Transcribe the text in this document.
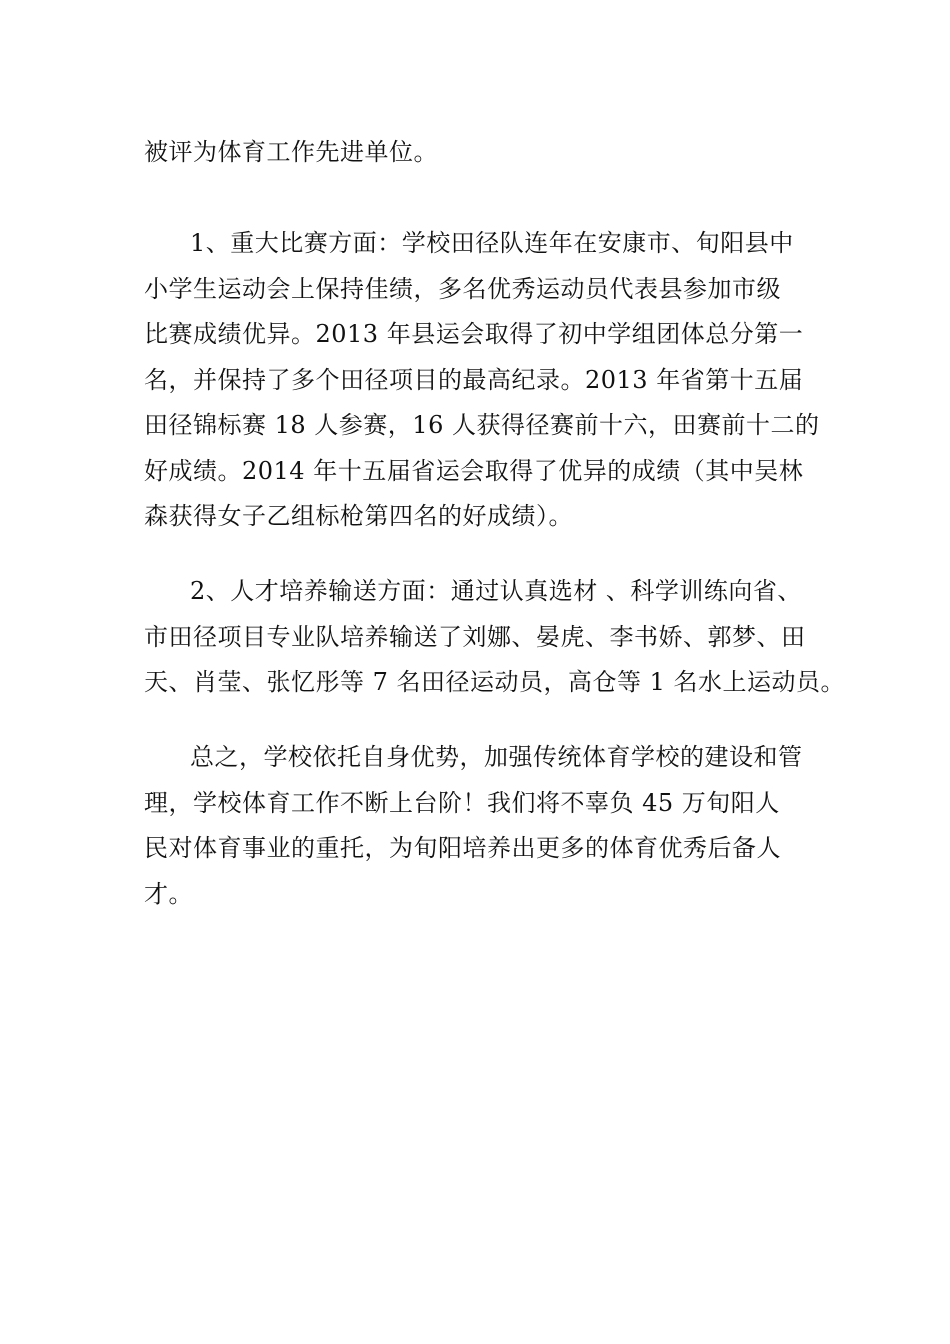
被评为体育工作先进单位。
1、重大比赛方面：学校田径队连年在安康市、旬阳县中
小学生运动会上保持佳绩，多名优秀运动员代表县参加市级
比赛成绩优异。2013 年县运会取得了初中学组团体总分第一
名，并保持了多个田径项目的最高纪录。2013 年省第十五届
田径锦标赛 18 人参赛，16 人获得径赛前十六，田赛前十二的
好成绩。2014 年十五届省运会取得了优异的成绩（其中吴林
森获得女子乙组标枪第四名的好成绩）。
2、人才培养输送方面：通过认真选材 、科学训练向省、
市田径项目专业队培养输送了刘娜、晏虎、李书娇、郭梦、田
天、肖莹、张忆彤等 7 名田径运动员，高仓等 1 名水上运动员。
总之，学校依托自身优势，加强传统体育学校的建设和管
理，学校体育工作不断上台阶！我们将不辜负 45 万旬阳人
民对体育事业的重托，为旬阳培养出更多的体育优秀后备人
才。
